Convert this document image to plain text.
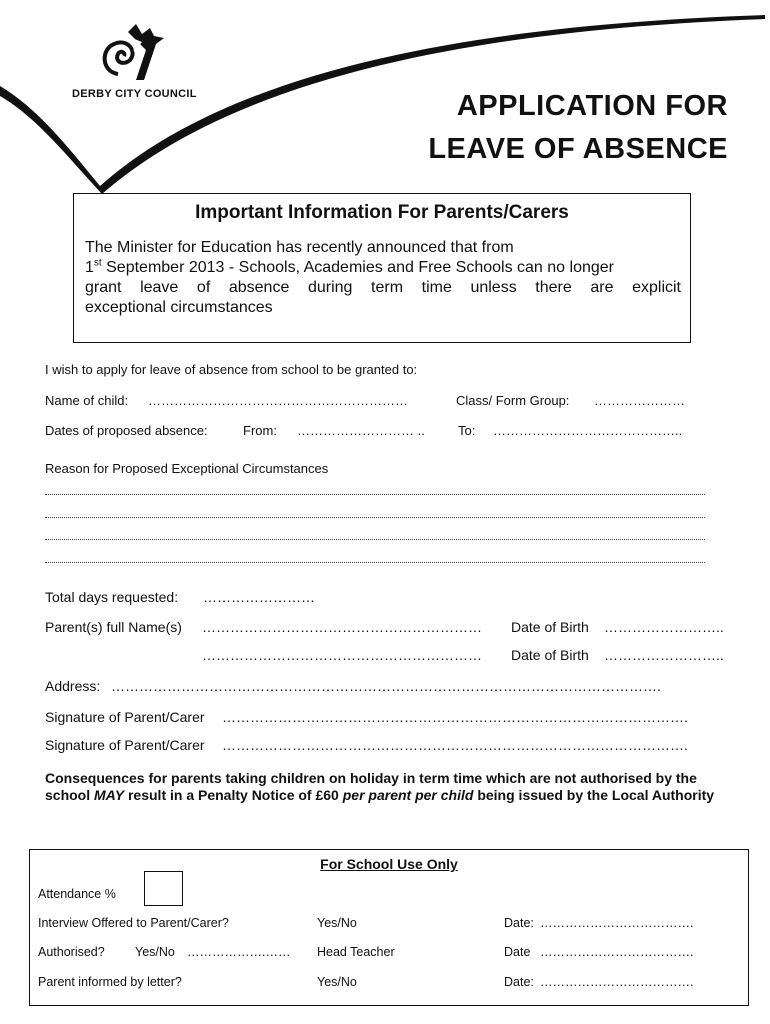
DERBY CITY COUNCIL	APPLICATION FOR
LEAVE OF ABSENCE
Important Information For Parents/Carers
The Minister for Education has recently announced that from
1st September 2013 - Schools, Academies and Free Schools can no longer
grant leave of absence during term time unless there are explicit
exceptional circumstances
I wish to apply for leave of absence from school to be granted to:
Name of child: ……………………………………………………	Class/ Form Group: …………………
Dates of proposed absence:	From: ……………………… ..	To: ……………………………………..
Reason for Proposed Exceptional Circumstances
Total days requested: ……………………
Parent(s) full Name(s) …………………………………………………… Date of Birth ……………………..
…………………………………………………… Date of Birth ……………………..
Address: ……………………………………………………………………………………………………….
Signature of Parent/Carer ……………………………………………………………………………………….
Signature of Parent/Carer ……………………………………………………………………………………….
Consequences for parents taking children on holiday in term time which are not authorised by the school MAY result in a Penalty Notice of £60 per parent per child being issued by the Local Authority
For School Use Only
Attendance %
Interview Offered to Parent/Carer?	Yes/No	Date: ……………………………….
Authorised? Yes/No ……………….…… Head Teacher	Date ……………………………….
Parent informed by letter?	Yes/No	Date: ……………………………….
